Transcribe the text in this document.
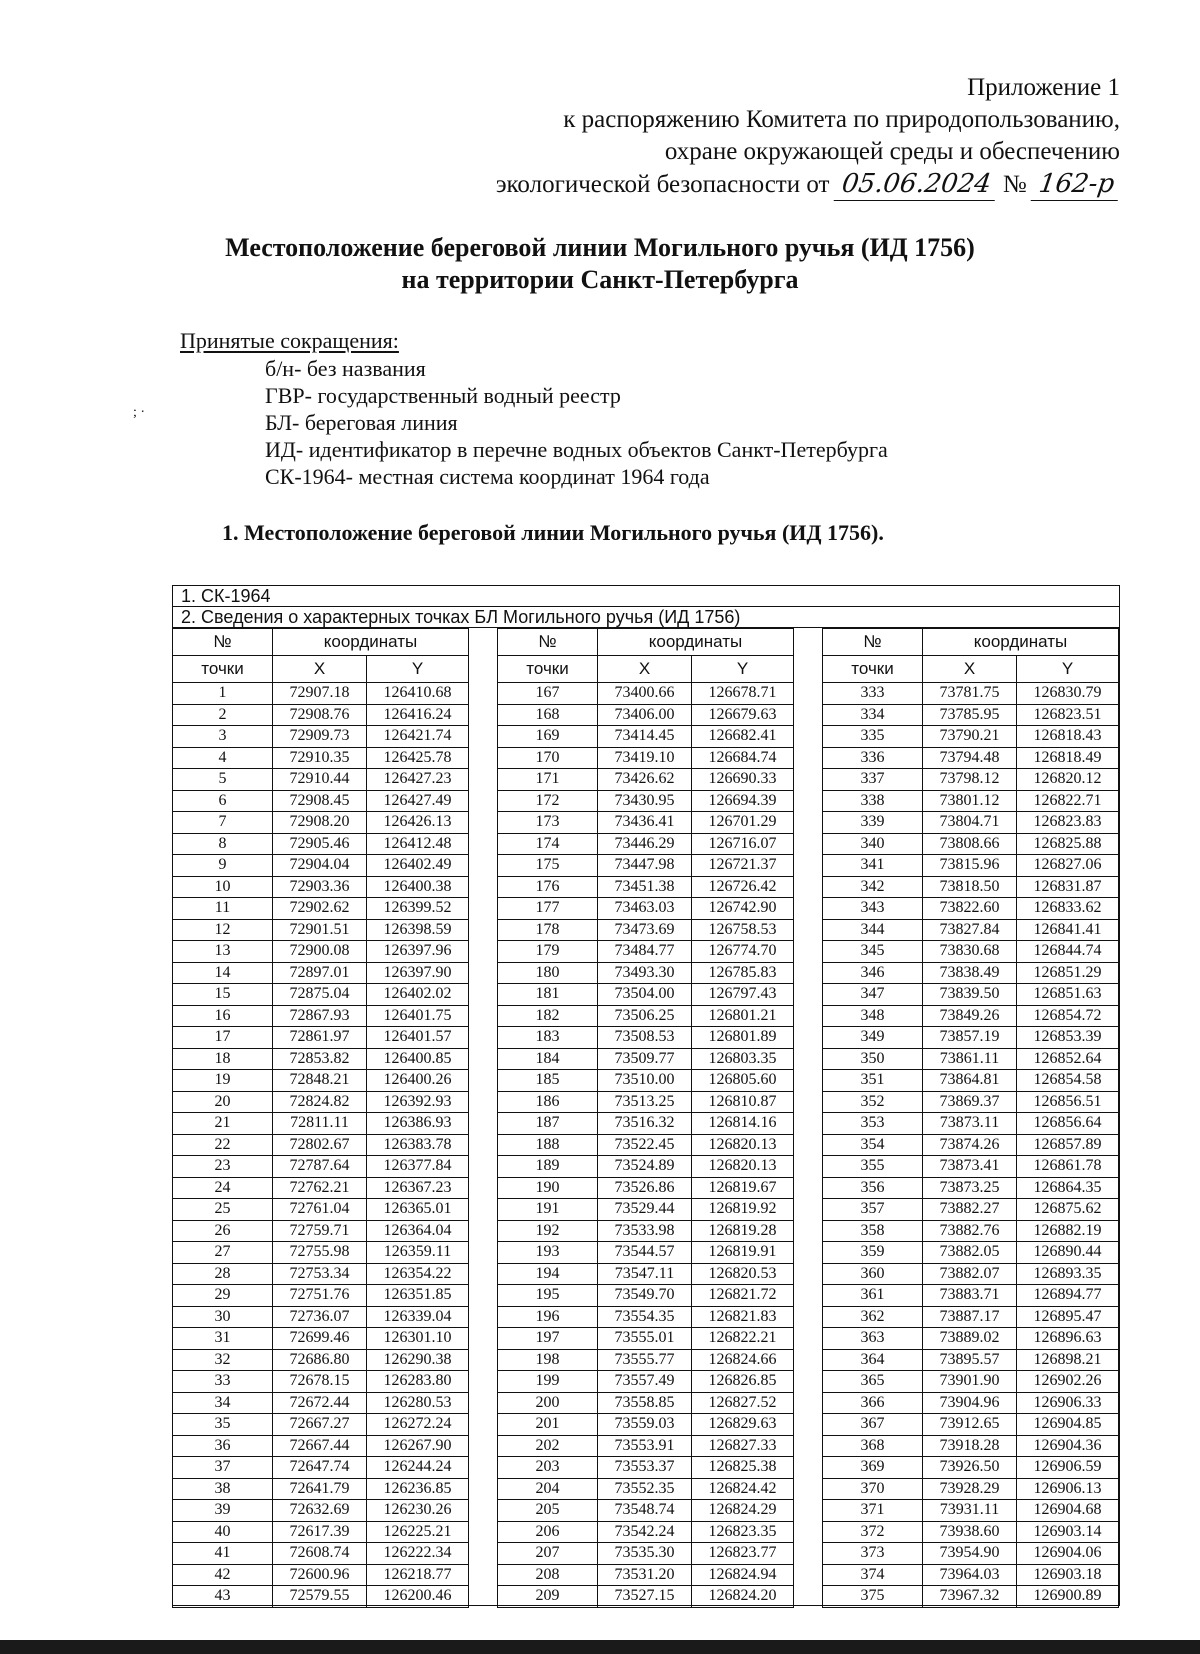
Приложение 1
к распоряжению Комитета по природопользованию,
охране окружающей среды и обеспечению
экологической безопасности от 05.06.2024 № 162-р
Местоположение береговой линии Могильного ручья (ИД 1756)
на территории Санкт-Петербурга
; ·
Принятые сокращения:
б/н- без названия
ГВР- государственный водный реестр
БЛ- береговая линия
ИД- идентификатор в перечне водных объектов Санкт-Петербурга
СК-1964- местная система координат 1964 года
1. Местоположение береговой линии Могильного ручья (ИД 1756).
1. СК-1964
2. Сведения о характерных точках БЛ Могильного ручья (ИД 1756)
№	координаты	
точки	X	Y
1	72907.18	126410.68
2	72908.76	126416.24
3	72909.73	126421.74
4	72910.35	126425.78
5	72910.44	126427.23
6	72908.45	126427.49
7	72908.20	126426.13
8	72905.46	126412.48
9	72904.04	126402.49
10	72903.36	126400.38
11	72902.62	126399.52
12	72901.51	126398.59
13	72900.08	126397.96
14	72897.01	126397.90
15	72875.04	126402.02
16	72867.93	126401.75
17	72861.97	126401.57
18	72853.82	126400.85
19	72848.21	126400.26
20	72824.82	126392.93
21	72811.11	126386.93
22	72802.67	126383.78
23	72787.64	126377.84
24	72762.21	126367.23
25	72761.04	126365.01
26	72759.71	126364.04
27	72755.98	126359.11
28	72753.34	126354.22
29	72751.76	126351.85
30	72736.07	126339.04
31	72699.46	126301.10
32	72686.80	126290.38
33	72678.15	126283.80
34	72672.44	126280.53
35	72667.27	126272.24
36	72667.44	126267.90
37	72647.74	126244.24
38	72641.79	126236.85
39	72632.69	126230.26
40	72617.39	126225.21
41	72608.74	126222.34
42	72600.96	126218.77
43	72579.55	126200.46
№	координаты	
точки	X	Y
167	73400.66	126678.71
168	73406.00	126679.63
169	73414.45	126682.41
170	73419.10	126684.74
171	73426.62	126690.33
172	73430.95	126694.39
173	73436.41	126701.29
174	73446.29	126716.07
175	73447.98	126721.37
176	73451.38	126726.42
177	73463.03	126742.90
178	73473.69	126758.53
179	73484.77	126774.70
180	73493.30	126785.83
181	73504.00	126797.43
182	73506.25	126801.21
183	73508.53	126801.89
184	73509.77	126803.35
185	73510.00	126805.60
186	73513.25	126810.87
187	73516.32	126814.16
188	73522.45	126820.13
189	73524.89	126820.13
190	73526.86	126819.67
191	73529.44	126819.92
192	73533.98	126819.28
193	73544.57	126819.91
194	73547.11	126820.53
195	73549.70	126821.72
196	73554.35	126821.83
197	73555.01	126822.21
198	73555.77	126824.66
199	73557.49	126826.85
200	73558.85	126827.52
201	73559.03	126829.63
202	73553.91	126827.33
203	73553.37	126825.38
204	73552.35	126824.42
205	73548.74	126824.29
206	73542.24	126823.35
207	73535.30	126823.77
208	73531.20	126824.94
209	73527.15	126824.20
№	координаты	
точки	X	Y
333	73781.75	126830.79
334	73785.95	126823.51
335	73790.21	126818.43
336	73794.48	126818.49
337	73798.12	126820.12
338	73801.12	126822.71
339	73804.71	126823.83
340	73808.66	126825.88
341	73815.96	126827.06
342	73818.50	126831.87
343	73822.60	126833.62
344	73827.84	126841.41
345	73830.68	126844.74
346	73838.49	126851.29
347	73839.50	126851.63
348	73849.26	126854.72
349	73857.19	126853.39
350	73861.11	126852.64
351	73864.81	126854.58
352	73869.37	126856.51
353	73873.11	126856.64
354	73874.26	126857.89
355	73873.41	126861.78
356	73873.25	126864.35
357	73882.27	126875.62
358	73882.76	126882.19
359	73882.05	126890.44
360	73882.07	126893.35
361	73883.71	126894.77
362	73887.17	126895.47
363	73889.02	126896.63
364	73895.57	126898.21
365	73901.90	126902.26
366	73904.96	126906.33
367	73912.65	126904.85
368	73918.28	126904.36
369	73926.50	126906.59
370	73928.29	126906.13
371	73931.11	126904.68
372	73938.60	126903.14
373	73954.90	126904.06
374	73964.03	126903.18
375	73967.32	126900.89
